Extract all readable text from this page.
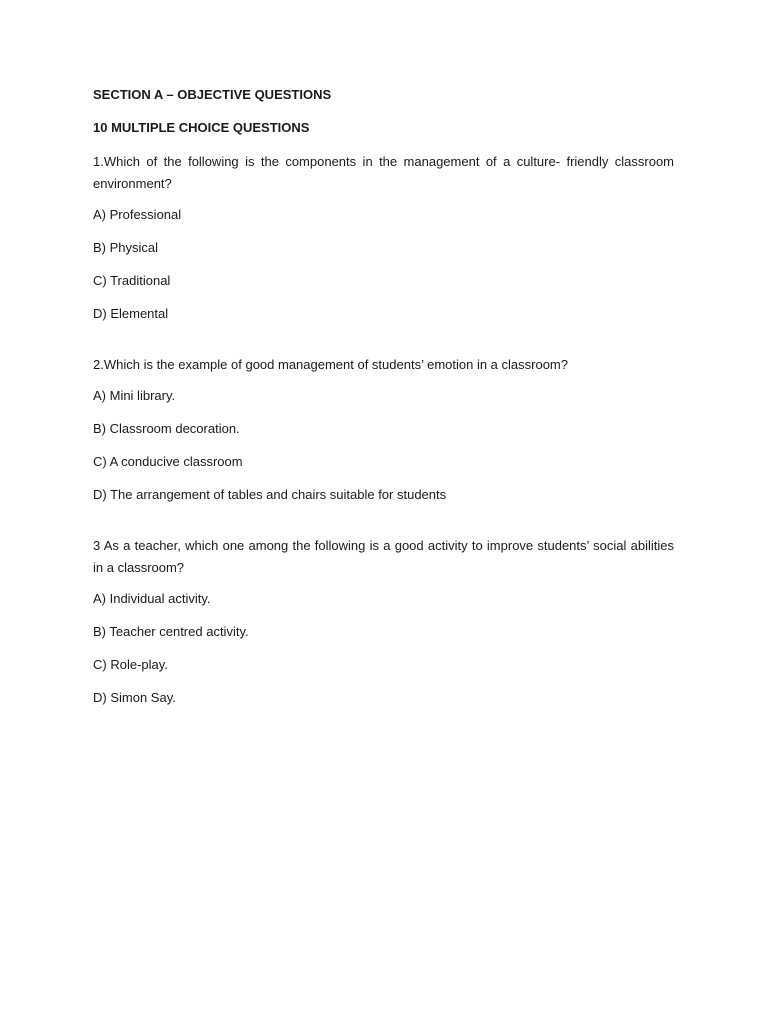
SECTION A – OBJECTIVE QUESTIONS

10 MULTIPLE CHOICE QUESTIONS

1.Which of the following is the components in the management of a culture- friendly classroom environment?

A) Professional

B) Physical

C) Traditional

D) Elemental

2.Which is the example of good management of students’ emotion in a classroom?

A) Mini library.

B) Classroom decoration.

C) A conducive classroom

D) The arrangement of tables and chairs suitable for students

3 As a teacher, which one among the following is a good activity to improve students’ social abilities in a classroom?

A) Individual activity.

B) Teacher centred activity.

C) Role-play.

D) Simon Say.
